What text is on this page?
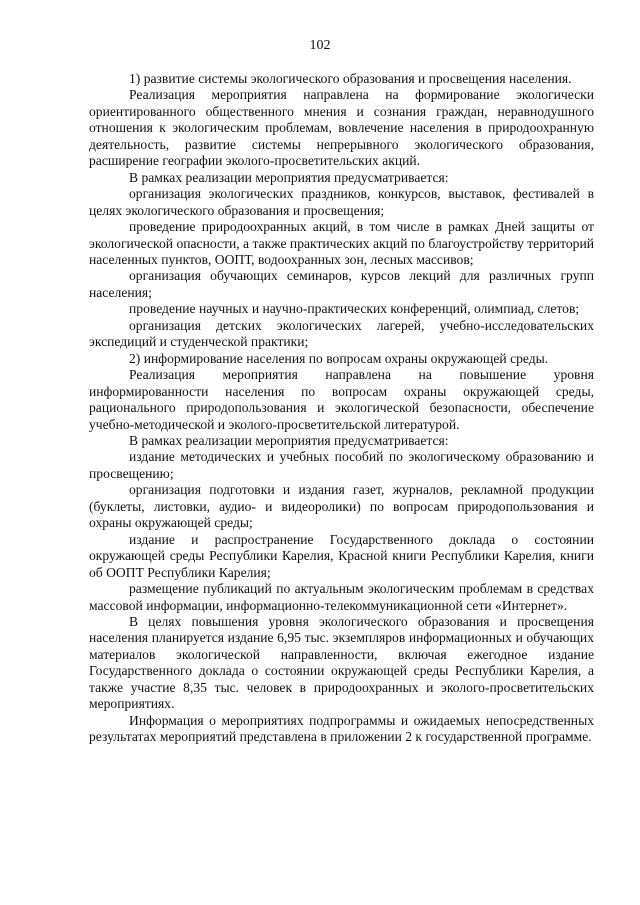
102

1) развитие системы экологического образования и просвещения населения.

Реализация мероприятия направлена на формирование экологически ориентированного общественного мнения и сознания граждан, неравнодушного отношения к экологическим проблемам, вовлечение населения в природоохранную деятельность, развитие системы непрерывного экологического образования, расширение географии эколого-просветительских акций.

В рамках реализации мероприятия предусматривается:

организация экологических праздников, конкурсов, выставок, фестивалей в целях экологического образования и просвещения;

проведение природоохранных акций, в том числе в рамках Дней защиты от экологической опасности, а также практических акций по благоустройству территорий населенных пунктов, ООПТ, водоохранных зон, лесных массивов;

организация обучающих семинаров, курсов лекций для различных групп населения;

проведение научных и научно-практических конференций, олимпиад, слетов;

организация детских экологических лагерей, учебно-исследовательских экспедиций и студенческой практики;

2) информирование населения по вопросам охраны окружающей среды.

Реализация мероприятия направлена на повышение уровня информированности населения по вопросам охраны окружающей среды, рационального природопользования и экологической безопасности, обеспечение учебно-методической и эколого-просветительской литературой.

В рамках реализации мероприятия предусматривается:

издание методических и учебных пособий по экологическому образованию и просвещению;

организация подготовки и издания газет, журналов, рекламной продукции (буклеты, листовки, аудио- и видеоролики) по вопросам природопользования и охраны окружающей среды;

издание и распространение Государственного доклада о состоянии окружающей среды Республики Карелия, Красной книги Республики Карелия, книги об ООПТ Республики Карелия;

размещение публикаций по актуальным экологическим проблемам в средствах массовой информации, информационно-телекоммуникационной сети «Интернет».

В целях повышения уровня экологического образования и просвещения населения планируется издание 6,95 тыс. экземпляров информационных и обучающих материалов экологической направленности, включая ежегодное издание Государственного доклада о состоянии окружающей среды Республики Карелия, а также участие 8,35 тыс. человек в природоохранных и эколого-просветительских мероприятиях.

Информация о мероприятиях подпрограммы и ожидаемых непосредственных результатах мероприятий представлена в приложении 2 к государственной программе.
